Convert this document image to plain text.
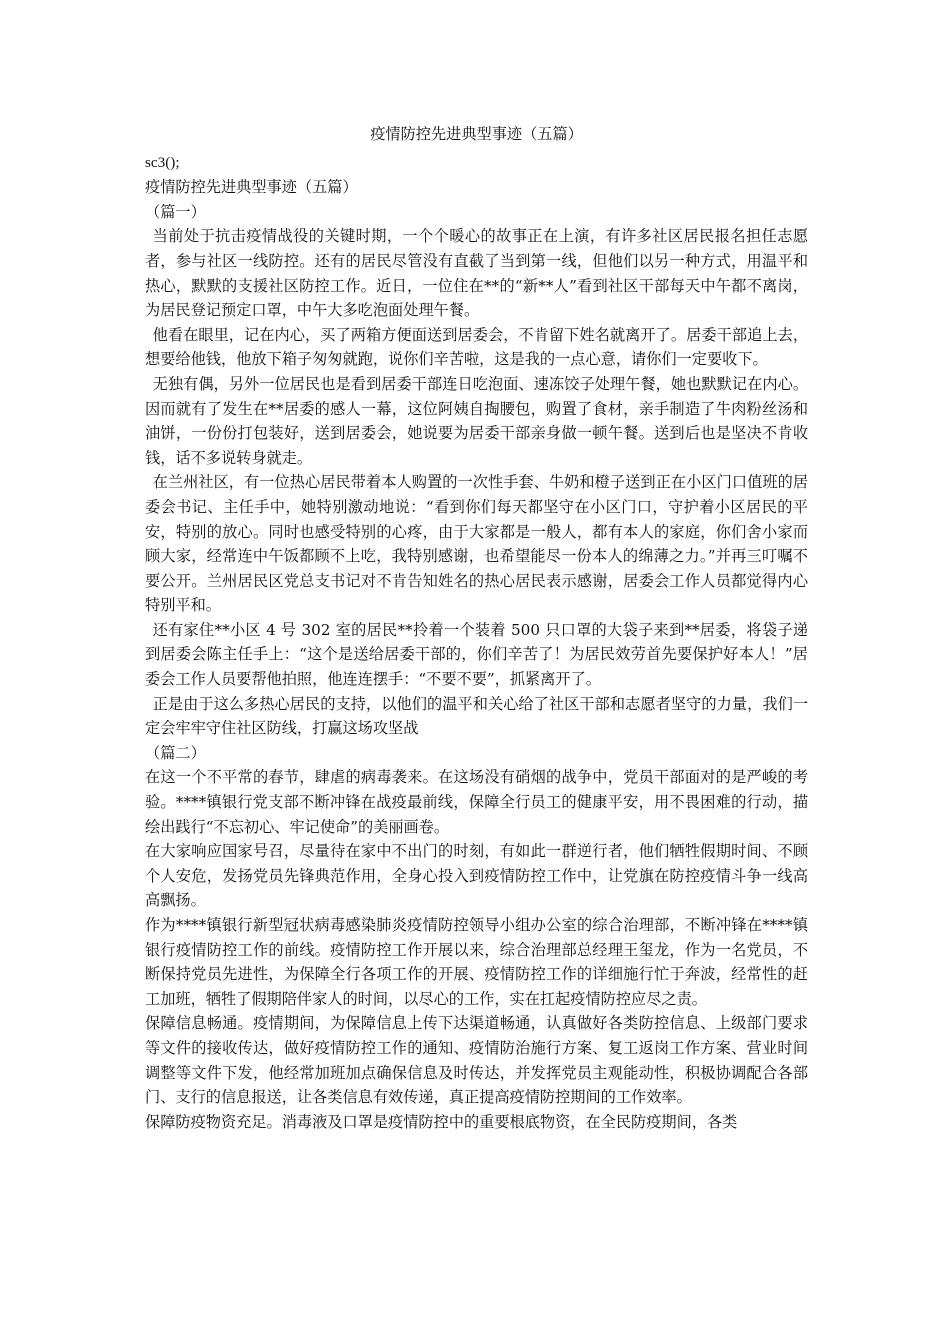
疫情防控先进典型事迹（五篇）

sc3();

疫情防控先进典型事迹（五篇）

（篇一）

当前处于抗击疫情战役的关键时期，一个个暖心的故事正在上演，有许多社区居民报名担任志愿者，参与社区一线防控。还有的居民尽管没有直截了当到第一线，但他们以另一种方式，用温平和热心，默默的支援社区防控工作。近日，一位住在**的“新**人”看到社区干部每天中午都不离岗，为居民登记预定口罩，中午大多吃泡面处理午餐。

他看在眼里，记在内心，买了两箱方便面送到居委会，不肯留下姓名就离开了。居委干部追上去，想要给他钱，他放下箱子匆匆就跑，说你们辛苦啦，这是我的一点心意，请你们一定要收下。

无独有偶，另外一位居民也是看到居委干部连日吃泡面、速冻饺子处理午餐，她也默默记在内心。因而就有了发生在**居委的感人一幕，这位阿姨自掏腰包，购置了食材，亲手制造了牛肉粉丝汤和油饼，一份份打包装好，送到居委会，她说要为居委干部亲身做一顿午餐。送到后也是坚决不肯收钱，话不多说转身就走。

在兰州社区，有一位热心居民带着本人购置的一次性手套、牛奶和橙子送到正在小区门口值班的居委会书记、主任手中，她特别激动地说：“看到你们每天都坚守在小区门口，守护着小区居民的平安，特别的放心。同时也感受特别的心疼，由于大家都是一般人，都有本人的家庭，你们舍小家而顾大家，经常连中午饭都顾不上吃，我特别感谢，也希望能尽一份本人的绵薄之力。”并再三叮嘱不要公开。兰州居民区党总支书记对不肯告知姓名的热心居民表示感谢，居委会工作人员都觉得内心特别平和。

还有家住**小区 4 号 302 室的居民**拎着一个装着 500 只口罩的大袋子来到**居委，将袋子递到居委会陈主任手上：“这个是送给居委干部的，你们辛苦了！为居民效劳首先要保护好本人！”居委会工作人员要帮他拍照，他连连摆手：“不要不要”，抓紧离开了。

正是由于这么多热心居民的支持，以他们的温平和关心给了社区干部和志愿者坚守的力量，我们一定会牢牢守住社区防线，打赢这场攻坚战

（篇二）

在这一个不平常的春节，肆虐的病毒袭来。在这场没有硝烟的战争中，党员干部面对的是严峻的考验。****镇银行党支部不断冲锋在战疫最前线，保障全行员工的健康平安，用不畏困难的行动，描绘出践行“不忘初心、牢记使命”的美丽画卷。

在大家响应国家号召，尽量待在家中不出门的时刻，有如此一群逆行者，他们牺牲假期时间、不顾个人安危，发扬党员先锋典范作用，全身心投入到疫情防控工作中，让党旗在防控疫情斗争一线高高飘扬。

作为****镇银行新型冠状病毒感染肺炎疫情防控领导小组办公室的综合治理部，不断冲锋在****镇银行疫情防控工作的前线。疫情防控工作开展以来，综合治理部总经理王玺龙，作为一名党员，不断保持党员先进性，为保障全行各项工作的开展、疫情防控工作的详细施行忙于奔波，经常性的赶工加班，牺牲了假期陪伴家人的时间，以尽心的工作，实在扛起疫情防控应尽之责。

保障信息畅通。疫情期间，为保障信息上传下达渠道畅通，认真做好各类防控信息、上级部门要求等文件的接收传达，做好疫情防控工作的通知、疫情防治施行方案、复工返岗工作方案、营业时间调整等文件下发，他经常加班加点确保信息及时传达，并发挥党员主观能动性，积极协调配合各部门、支行的信息报送，让各类信息有效传递，真正提高疫情防控期间的工作效率。

保障防疫物资充足。消毒液及口罩是疫情防控中的重要根底物资，在全民防疫期间，各类
